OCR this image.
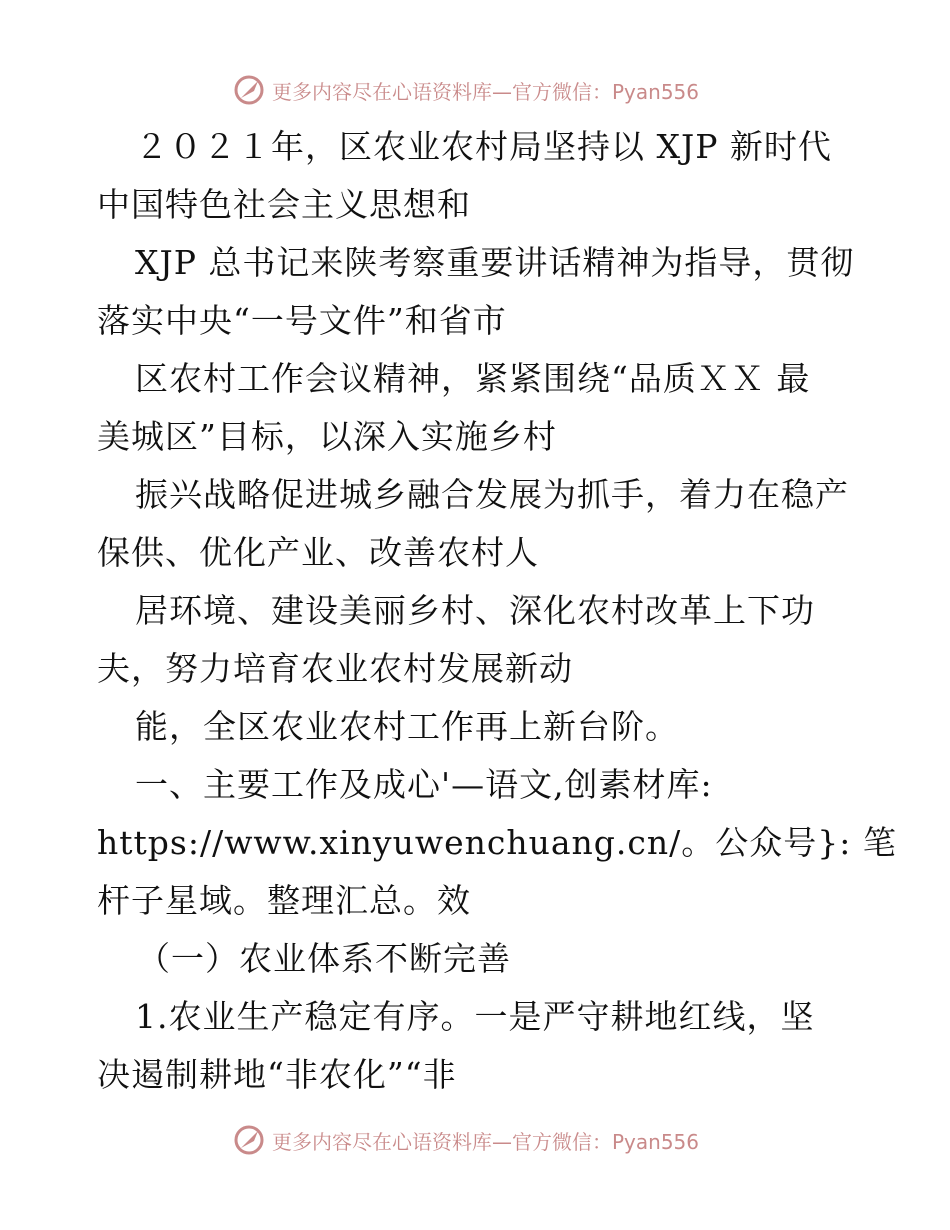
更多内容尽在心语资料库—官方微信：Pyan556
２０２１年，区农业农村局坚持以 XJP 新时代
中国特色社会主义思想和
XJP 总书记来陕考察重要讲话精神为指导，贯彻
落实中央“一号文件”和省市
区农村工作会议精神，紧紧围绕“品质ＸＸ 最
美城区”目标，以深入实施乡村
振兴战略促进城乡融合发展为抓手，着力在稳产
保供、优化产业、改善农村人
居环境、建设美丽乡村、深化农村改革上下功
夫，努力培育农业农村发展新动
能，全区农业农村工作再上新台阶。
一、主要工作及成心'—语文,创素材库:
https://www.xinyuwenchuang.cn/。公众号}: 笔
杆子星域。整理汇总。效
（一）农业体系不断完善
1.农业生产稳定有序。一是严守耕地红线，坚
决遏制耕地“非农化”“非
更多内容尽在心语资料库—官方微信：Pyan556
